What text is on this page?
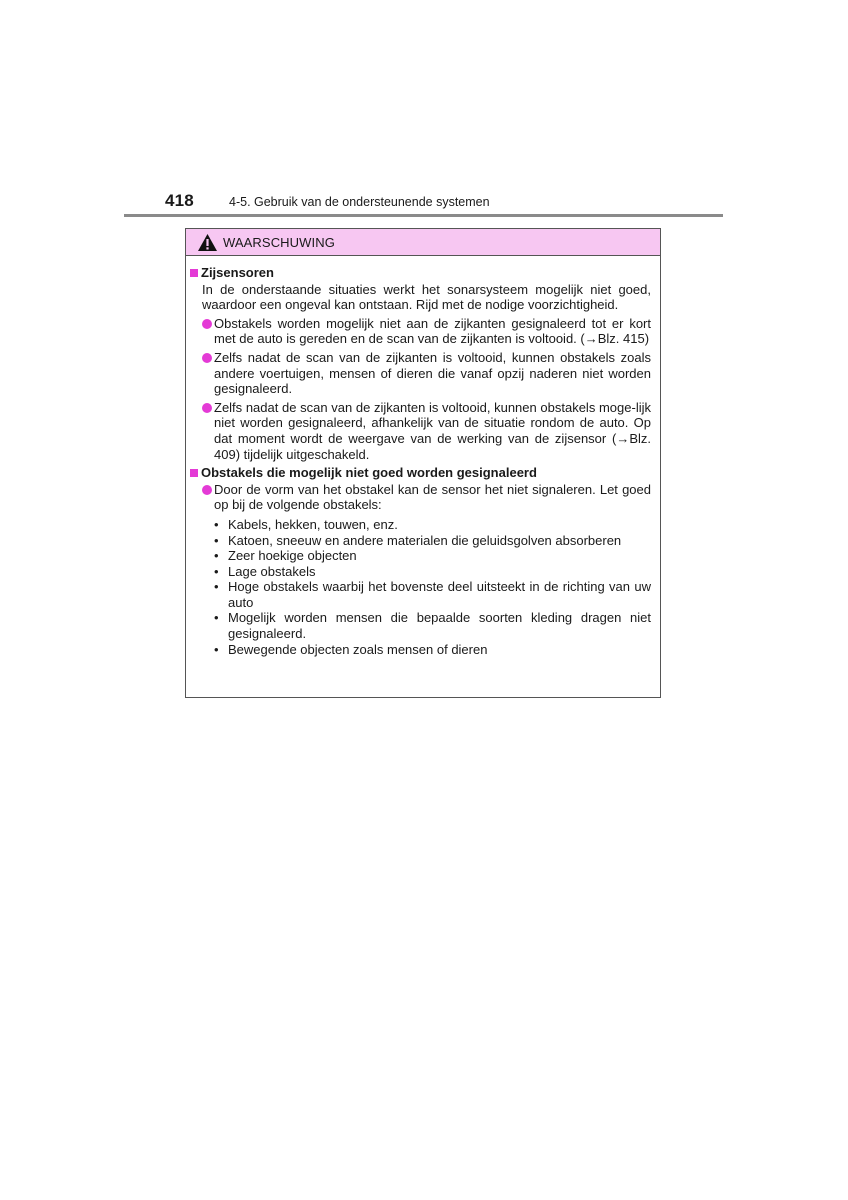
418	4-5. Gebruik van de ondersteunende systemen
WAARSCHUWING
Zijsensoren
In de onderstaande situaties werkt het sonarsysteem mogelijk niet goed, waardoor een ongeval kan ontstaan. Rijd met de nodige voorzichtigheid.
Obstakels worden mogelijk niet aan de zijkanten gesignaleerd tot er kort met de auto is gereden en de scan van de zijkanten is voltooid. (→Blz. 415)
Zelfs nadat de scan van de zijkanten is voltooid, kunnen obstakels zoals andere voertuigen, mensen of dieren die vanaf opzij naderen niet worden gesignaleerd.
Zelfs nadat de scan van de zijkanten is voltooid, kunnen obstakels moge-lijk niet worden gesignaleerd, afhankelijk van de situatie rondom de auto. Op dat moment wordt de weergave van de werking van de zijsensor (→Blz. 409) tijdelijk uitgeschakeld.
Obstakels die mogelijk niet goed worden gesignaleerd
Door de vorm van het obstakel kan de sensor het niet signaleren. Let goed op bij de volgende obstakels:
• Kabels, hekken, touwen, enz.
• Katoen, sneeuw en andere materialen die geluidsgolven absorberen
• Zeer hoekige objecten
• Lage obstakels
• Hoge obstakels waarbij het bovenste deel uitsteekt in de richting van uw auto
• Mogelijk worden mensen die bepaalde soorten kleding dragen niet gesignaleerd.
• Bewegende objecten zoals mensen of dieren
